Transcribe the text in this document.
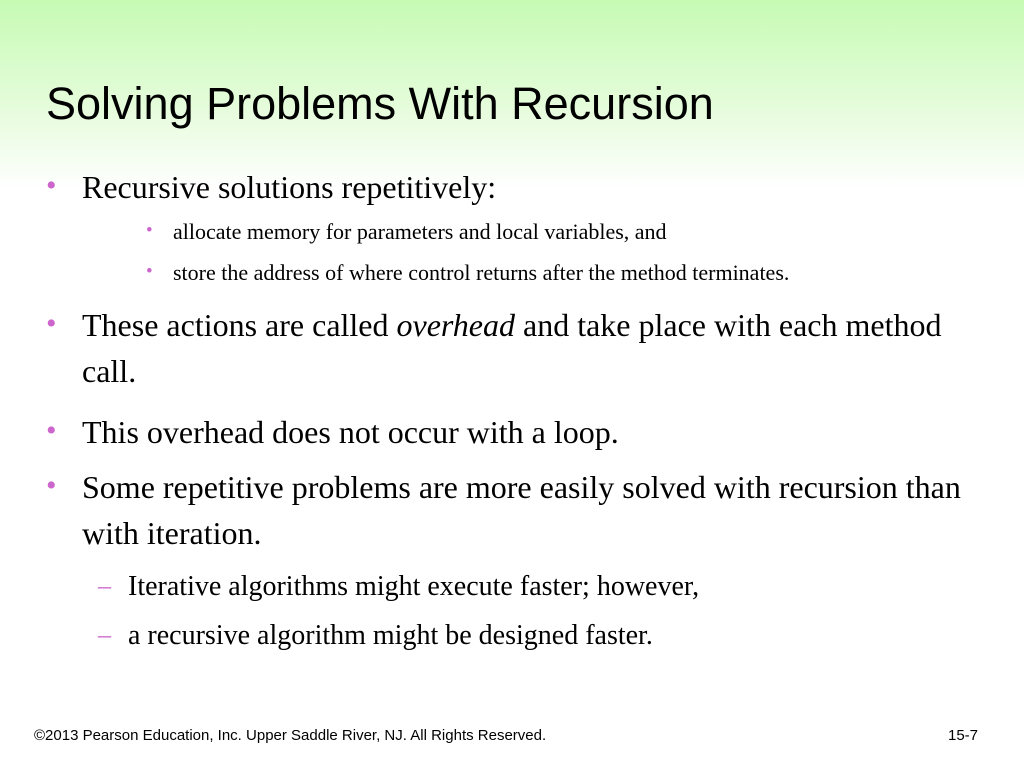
Solving Problems With Recursion
• Recursive solutions repetitively:
• allocate memory for parameters and local variables, and
• store the address of where control returns after the method terminates.
• These actions are called overhead and take place with each method call.
• This overhead does not occur with a loop.
• Some repetitive problems are more easily solved with recursion than with iteration.
– Iterative algorithms might execute faster; however,
– a recursive algorithm might be designed faster.
©2013 Pearson Education, Inc. Upper Saddle River, NJ. All Rights Reserved.	15-7
